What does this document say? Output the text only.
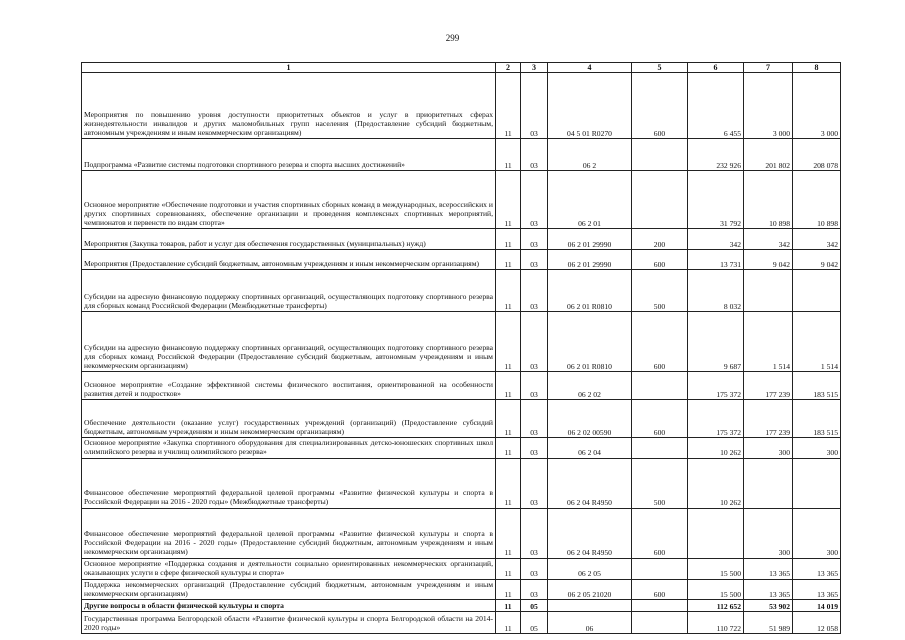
299
1	2	3	4	5	6	7	8
Мероприятия по повышению уровня доступности приоритетных объектов и услуг в приоритетных сферах жизнедеятельности инвалидов и других маломобильных групп населения (Предоставление субсидий бюджетным, автономным учреждениям и иным некоммерческим организациям)	11	03	04 5 01 R0270	600	6 455	3 000	3 000
Подпрограмма «Развитие системы подготовки спортивного резерва и спорта высших достижений»	11	03	06 2		232 926	201 802	208 078
Основное мероприятие «Обеспечение подготовки и участия спортивных сборных команд в международных, всероссийских и других спортивных соревнованиях, обеспечение организации и проведения комплексных спортивных мероприятий, чемпионатов и первенств по видам спорта»	11	03	06 2 01		31 792	10 898	10 898
Мероприятия (Закупка товаров, работ и услуг для обеспечения государственных (муниципальных) нужд)	11	03	06 2 01 29990	200	342	342	342
Мероприятия (Предоставление субсидий бюджетным, автономным учреждениям и иным некоммерческим организациям)	11	03	06 2 01 29990	600	13 731	9 042	9 042
Субсидии на адресную финансовую поддержку спортивных организаций, осуществляющих подготовку спортивного резерва для сборных команд Российской Федерации (Межбюджетные трансферты)	11	03	06 2 01 R0810	500	8 032		
Субсидии на адресную финансовую поддержку спортивных организаций, осуществляющих подготовку спортивного резерва для сборных команд Российской Федерации (Предоставление субсидий бюджетным, автономным учреждениям и иным некоммерческим организациям)	11	03	06 2 01 R0810	600	9 687	1 514	1 514
Основное мероприятие «Создание эффективной системы физического воспитания, ориентированной на особенности развития детей и подростков»	11	03	06 2 02		175 372	177 239	183 515
Обеспечение деятельности (оказание услуг) государственных учреждений (организаций) (Предоставление субсидий бюджетным, автономным учреждениям и иным некоммерческим организациям)	11	03	06 2 02 00590	600	175 372	177 239	183 515
Основное мероприятие «Закупка спортивного оборудования для специализированных детско-юношеских спортивных школ олимпийского резерва и училищ олимпийского резерва»	11	03	06 2 04		10 262	300	300
Финансовое обеспечение мероприятий федеральной целевой программы «Развитие физической культуры и спорта в Российской Федерации на 2016 - 2020 годы» (Межбюджетные трансферты)	11	03	06 2 04 R4950	500	10 262		
Финансовое обеспечение мероприятий федеральной целевой программы «Развитие физической культуры и спорта в Российской Федерации на 2016 - 2020 годы» (Предоставление субсидий бюджетным, автономным учреждениям и иным некоммерческим организациям)	11	03	06 2 04 R4950	600		300	300
Основное мероприятие «Поддержка создания и деятельности социально ориентированных некоммерческих организаций, оказывающих услуги в сфере физической культуры и спорта»	11	03	06 2 05		15 500	13 365	13 365
Поддержка некоммерческих организаций (Предоставление субсидий бюджетным, автономным учреждениям и иным некоммерческим организациям)	11	03	06 2 05 21020	600	15 500	13 365	13 365
Другие вопросы в области физической культуры и спорта	11	05			112 652	53 902	14 019
Государственная программа Белгородской области «Развитие физической культуры и спорта Белгородской области на 2014-2020 годы»	11	05	06		110 722	51 989	12 058
